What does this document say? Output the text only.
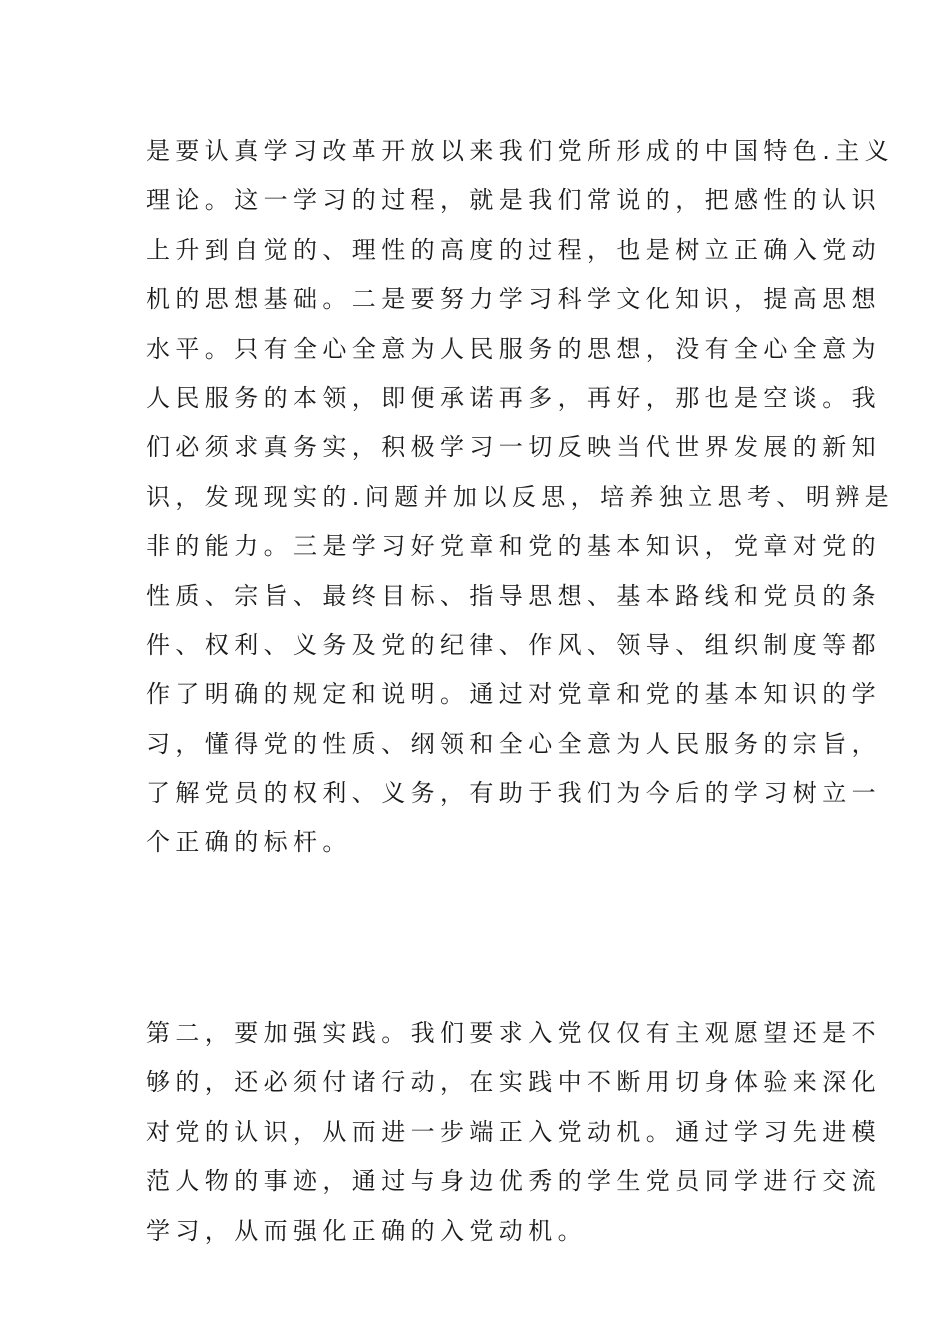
是要认真学习改革开放以来我们党所形成的中国特色.主义
理论。这一学习的过程，就是我们常说的，把感性的认识
上升到自觉的、理性的高度的过程，也是树立正确入党动
机的思想基础。二是要努力学习科学文化知识，提高思想
水平。只有全心全意为人民服务的思想，没有全心全意为
人民服务的本领，即便承诺再多，再好，那也是空谈。我
们必须求真务实，积极学习一切反映当代世界发展的新知
识，发现现实的.问题并加以反思，培养独立思考、明辨是
非的能力。三是学习好党章和党的基本知识，党章对党的
性质、宗旨、最终目标、指导思想、基本路线和党员的条
件、权利、义务及党的纪律、作风、领导、组织制度等都
作了明确的规定和说明。通过对党章和党的基本知识的学
习，懂得党的性质、纲领和全心全意为人民服务的宗旨，
了解党员的权利、义务，有助于我们为今后的学习树立一
个正确的标杆。
第二，要加强实践。我们要求入党仅仅有主观愿望还是不
够的，还必须付诸行动，在实践中不断用切身体验来深化
对党的认识，从而进一步端正入党动机。通过学习先进模
范人物的事迹，通过与身边优秀的学生党员同学进行交流
学习，从而强化正确的入党动机。
